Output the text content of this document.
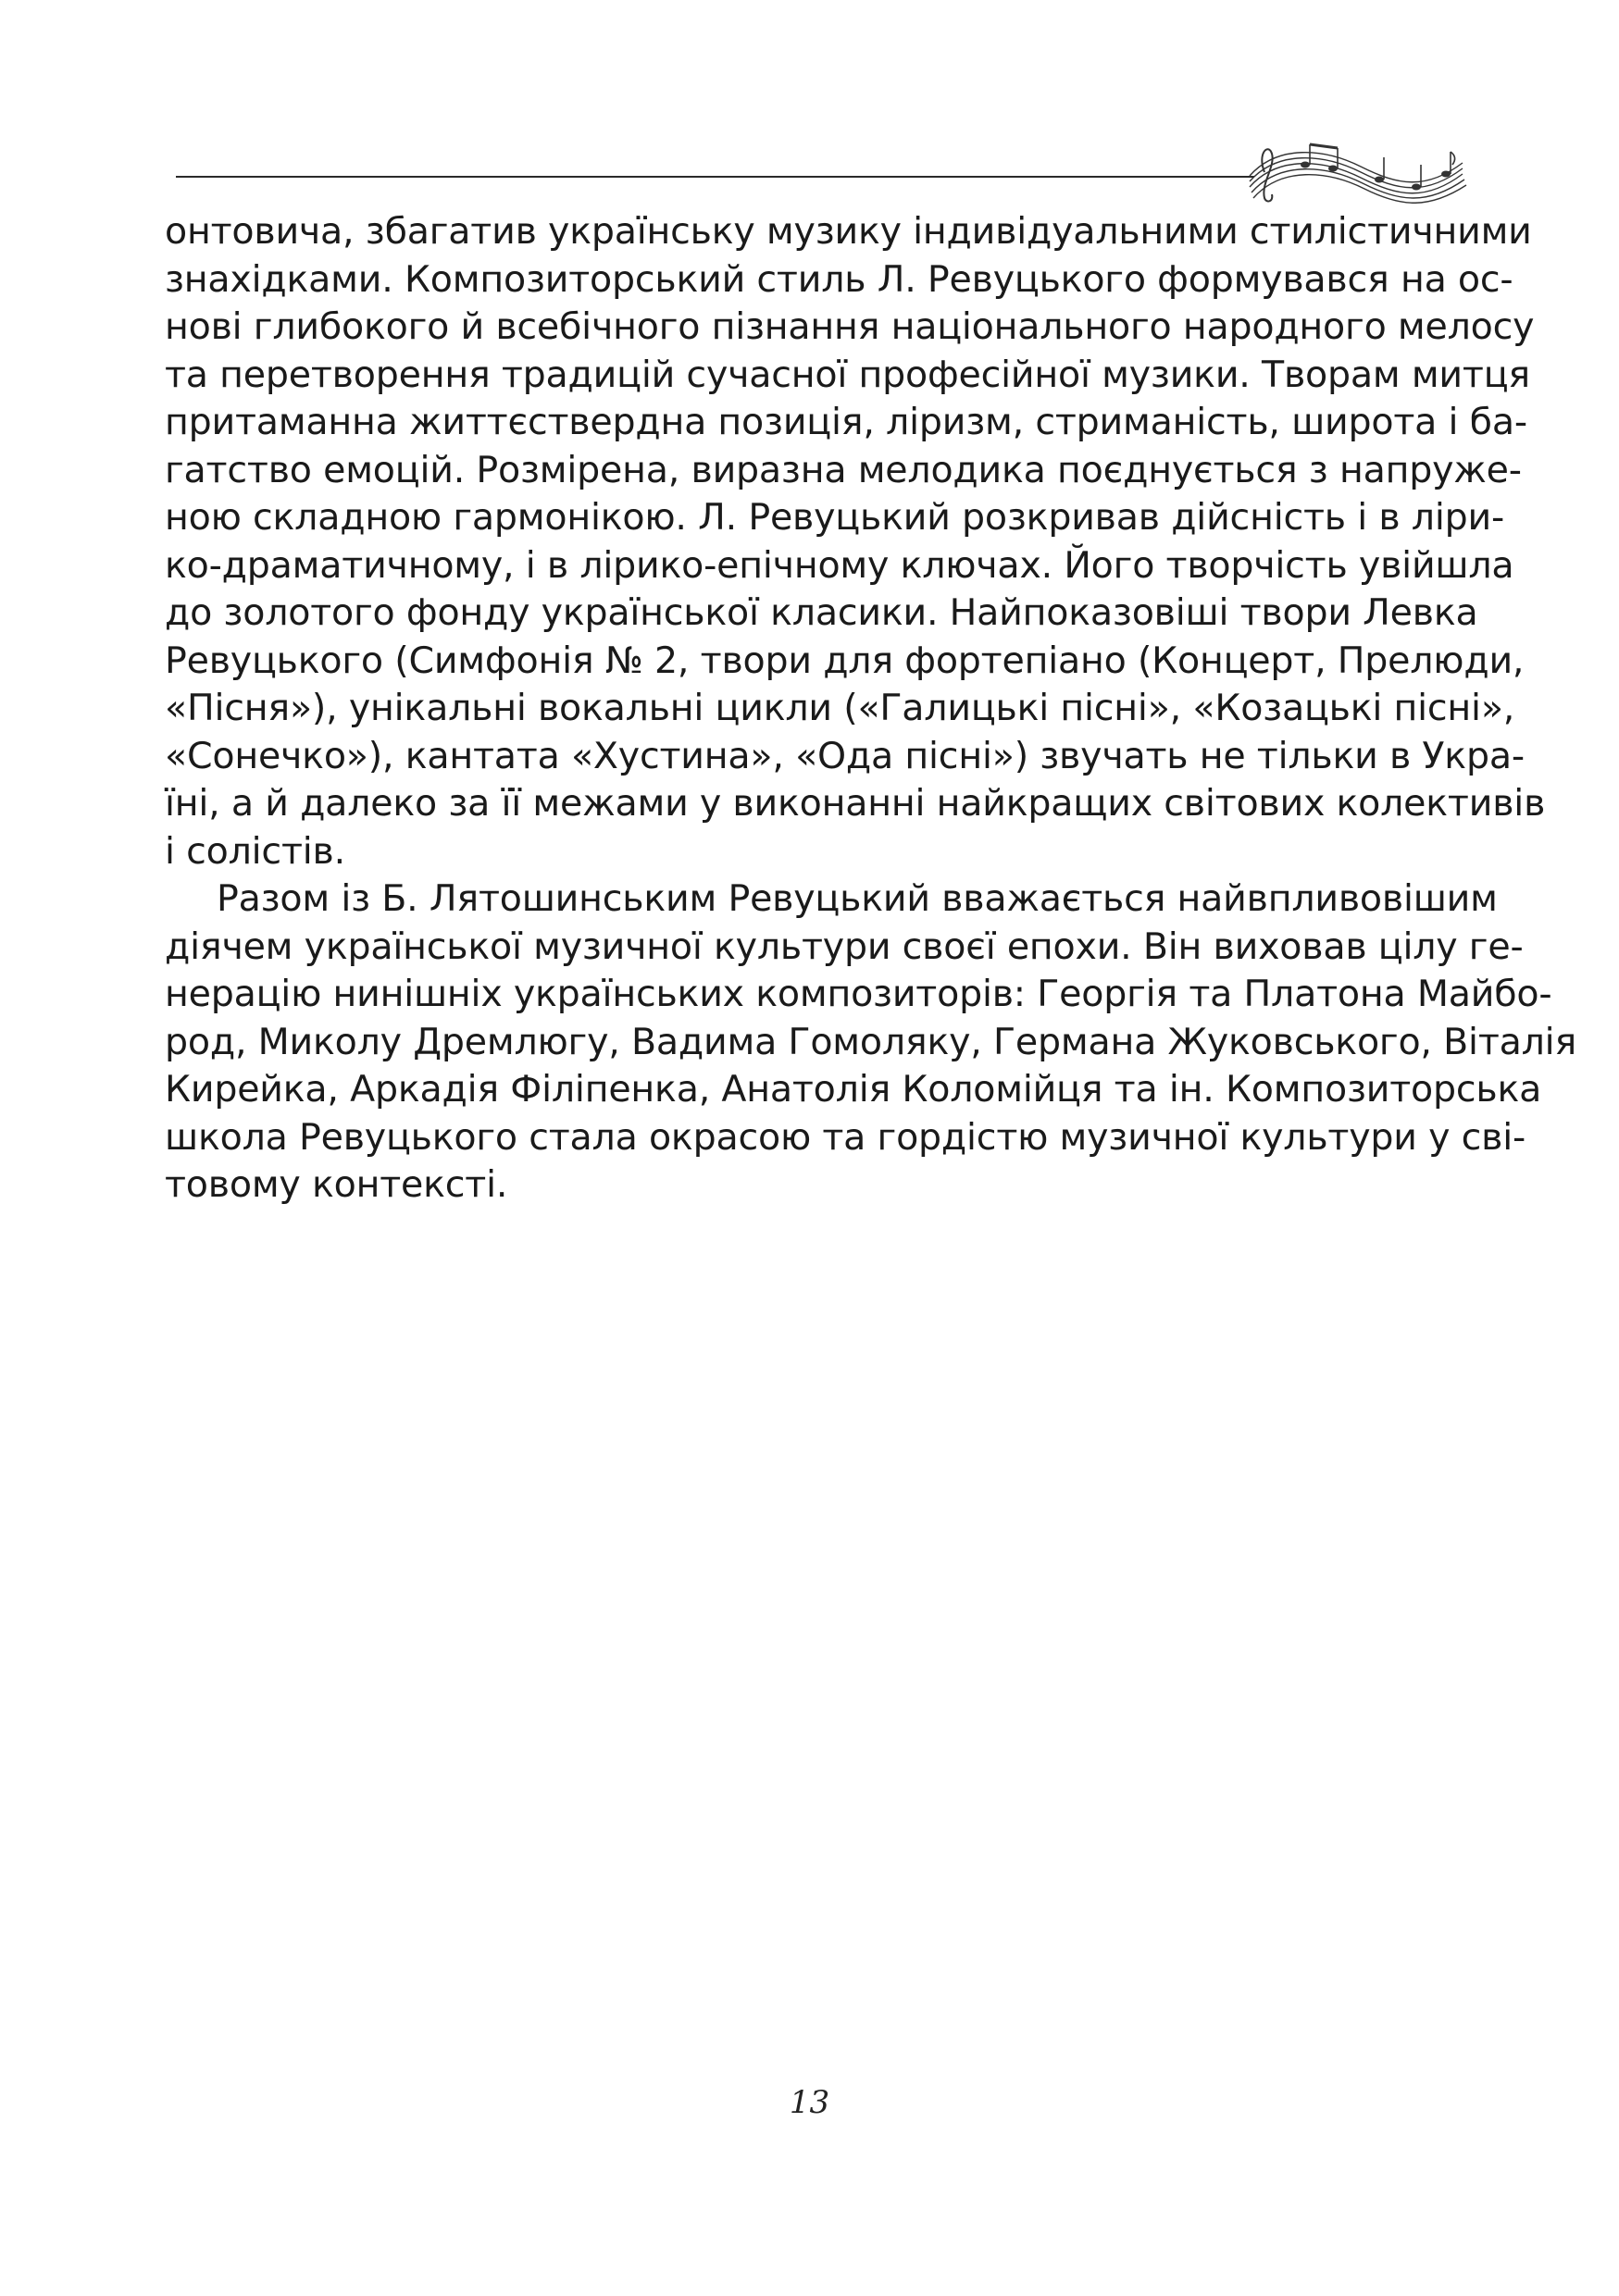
онтовича, збагатив українську музику індивідуальними стилістичними
знахідками. Композиторський стиль Л. Ревуцького формувався на ос-
нові глибокого й всебічного пізнання національного народного мелосу
та перетворення традицій сучасної професійної музики. Творам митця
притаманна життєствердна позиція, ліризм, стриманість, широта і ба-
гатство емоцій. Розмірена, виразна мелодика поєднується з напруже-
ною складною гармонікою. Л. Ревуцький розкривав дійсність і в ліри-
ко-драматичному, і в лірико-епічному ключах. Його творчість увійшла
до золотого фонду української класики. Найпоказовіші твори Левка
Ревуцького (Симфонія № 2, твори для фортепіано (Концерт, Прелюди,
«Пісня»), унікальні вокальні цикли («Галицькі пісні», «Козацькі пісні»,
«Сонечко»), кантата «Хустина», «Ода пісні») звучать не тільки в Укра-
їні, а й далеко за її межами у виконанні найкращих світових колективів
і солістів.

Разом із Б. Лятошинським Ревуцький вважається найвпливовішим
діячем української музичної культури своєї епохи. Він виховав цілу ге-
нерацію нинішніх українських композиторів: Георгія та Платона Майбо-
род, Миколу Дремлюгу, Вадима Гомоляку, Германа Жуковського, Віталія
Кирейка, Аркадія Філіпенка, Анатолія Коломійця та ін. Композиторська
школа Ревуцького стала окрасою та гордістю музичної культури у сві-
товому контексті.

13
